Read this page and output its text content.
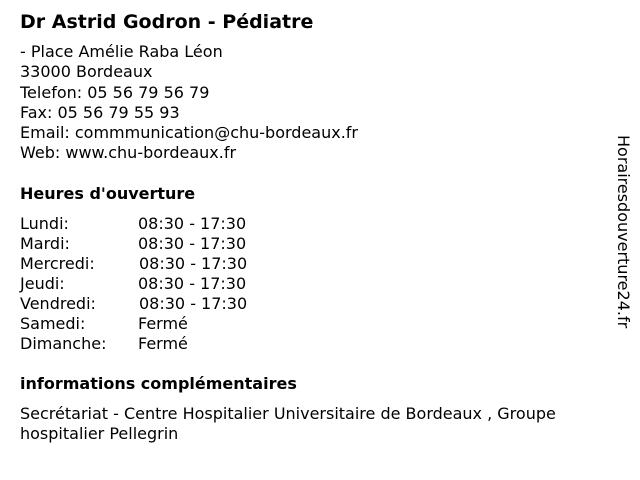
Dr Astrid Godron - Pédiatre
- Place Amélie Raba Léon
33000 Bordeaux
Telefon: 05 56 79 56 79
Fax: 05 56 79 55 93
Email: commmunication@chu-bordeaux.fr
Web: www.chu-bordeaux.fr
Heures d'ouverture
Lundi:	08:30 - 17:30
Mardi:	08:30 - 17:30
Mercredi:	08:30 - 17:30
Jeudi:	08:30 - 17:30
Vendredi:	08:30 - 17:30
Samedi:	Fermé
Dimanche:	Fermé
informations complémentaires
Secrétariat - Centre Hospitalier Universitaire de Bordeaux , Groupe hospitalier Pellegrin
Horairesdouverture24.fr
